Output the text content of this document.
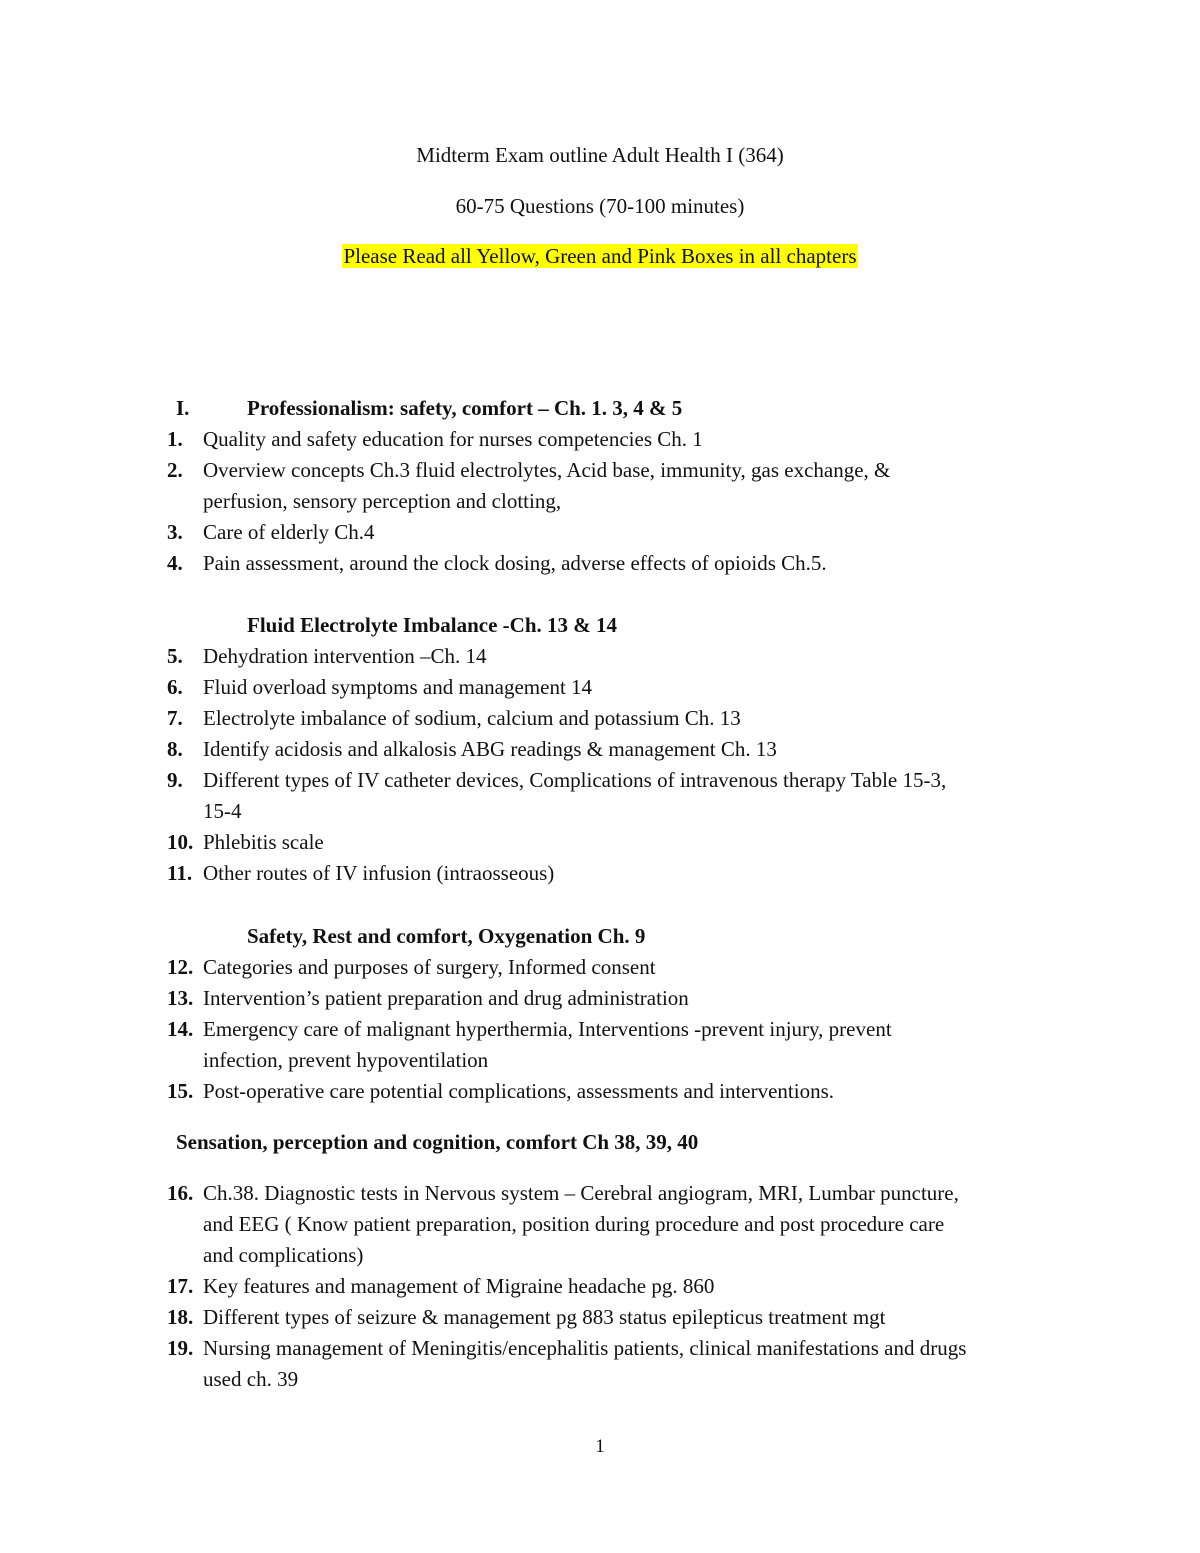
Midterm Exam outline Adult Health I (364)
60-75 Questions (70-100 minutes)
Please Read all Yellow, Green and Pink Boxes in all chapters
I.	Professionalism: safety, comfort – Ch. 1. 3, 4 & 5
1. Quality and safety education for nurses competencies Ch. 1
2. Overview concepts Ch.3 fluid electrolytes, Acid base, immunity, gas exchange, &
perfusion, sensory perception and clotting,
3. Care of elderly Ch.4
4. Pain assessment, around the clock dosing, adverse effects of opioids Ch.5.
Fluid Electrolyte Imbalance -Ch. 13 & 14
5. Dehydration intervention –Ch. 14
6. Fluid overload symptoms and management 14
7. Electrolyte imbalance of sodium, calcium and potassium Ch. 13
8. Identify acidosis and alkalosis ABG readings & management Ch. 13
9. Different types of IV catheter devices, Complications of intravenous therapy Table 15-3,
15-4
10. Phlebitis scale
11. Other routes of IV infusion (intraosseous)
Safety, Rest and comfort, Oxygenation Ch. 9
12. Categories and purposes of surgery, Informed consent
13. Intervention’s patient preparation and drug administration
14. Emergency care of malignant hyperthermia, Interventions -prevent injury, prevent
infection, prevent hypoventilation
15. Post-operative care potential complications, assessments and interventions.
Sensation, perception and cognition, comfort Ch 38, 39, 40
16. Ch.38. Diagnostic tests in Nervous system – Cerebral angiogram, MRI, Lumbar puncture,
and EEG ( Know patient preparation, position during procedure and post procedure care
and complications)
17. Key features and management of Migraine headache pg. 860
18. Different types of seizure & management pg 883 status epilepticus treatment mgt
19. Nursing management of Meningitis/encephalitis patients, clinical manifestations and drugs
used ch. 39
1
